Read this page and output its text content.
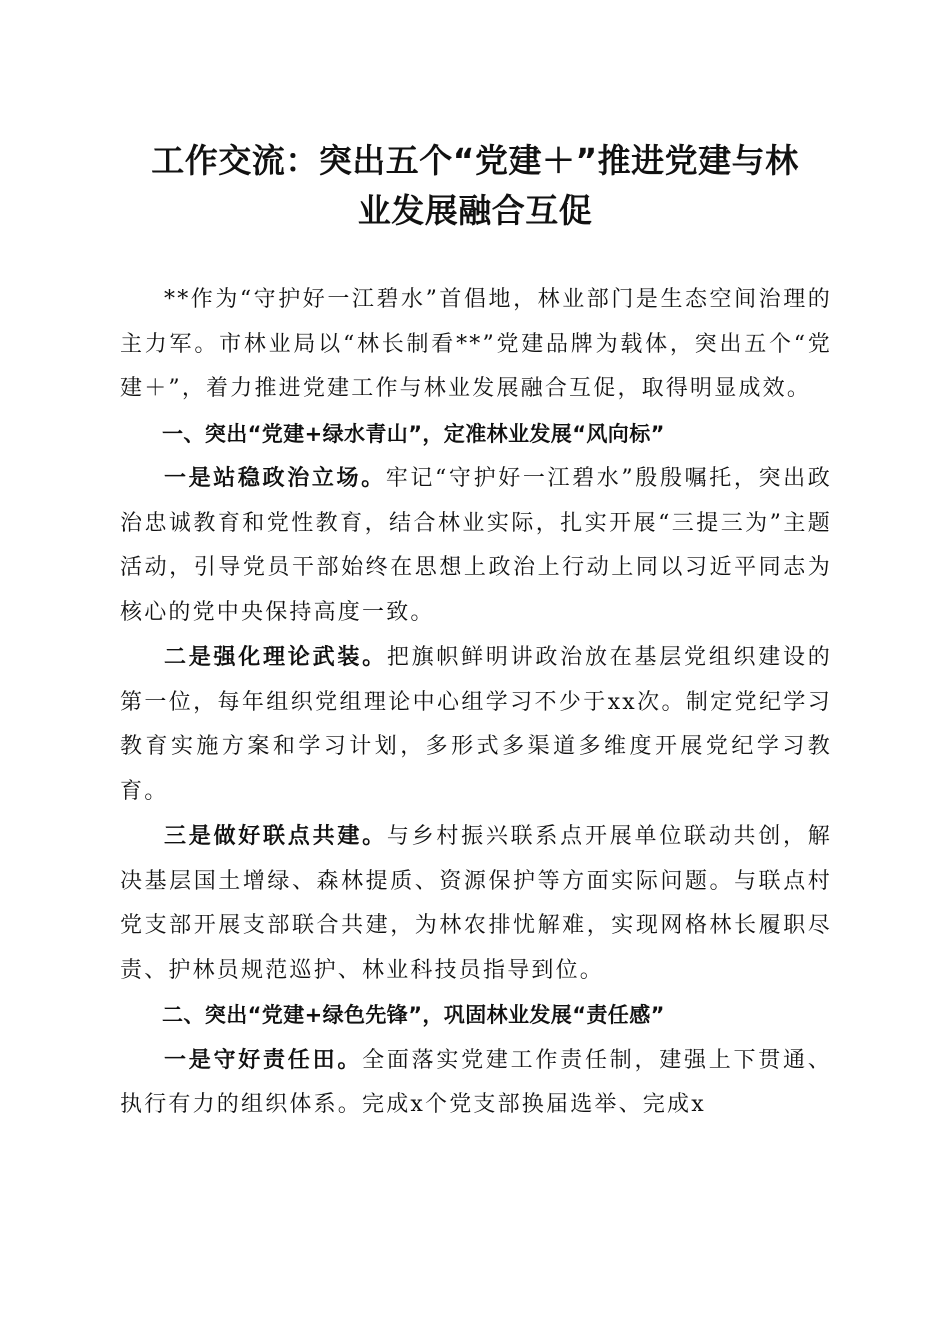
工作交流：突出五个“党建＋”推进党建与林
业发展融合互促

**作为“守护好一江碧水”首倡地，林业部门是生态空间治理的主力军。市林业局以“林长制看**”党建品牌为载体，突出五个“党建＋”，着力推进党建工作与林业发展融合互促，取得明显成效。

一、突出“党建+绿水青山”，定准林业发展“风向标”

一是站稳政治立场。牢记“守护好一江碧水”殷殷嘱托，突出政治忠诚教育和党性教育，结合林业实际，扎实开展“三提三为”主题活动，引导党员干部始终在思想上政治上行动上同以习近平同志为核心的党中央保持高度一致。

二是强化理论武装。把旗帜鲜明讲政治放在基层党组织建设的第一位，每年组织党组理论中心组学习不少于xx次。制定党纪学习教育实施方案和学习计划，多形式多渠道多维度开展党纪学习教育。

三是做好联点共建。与乡村振兴联系点开展单位联动共创，解决基层国土增绿、森林提质、资源保护等方面实际问题。与联点村党支部开展支部联合共建，为林农排忧解难，实现网格林长履职尽责、护林员规范巡护、林业科技员指导到位。

二、突出“党建+绿色先锋”，巩固林业发展“责任感”

一是守好责任田。全面落实党建工作责任制，建强上下贯通、执行有力的组织体系。完成x个党支部换届选举、完成x
